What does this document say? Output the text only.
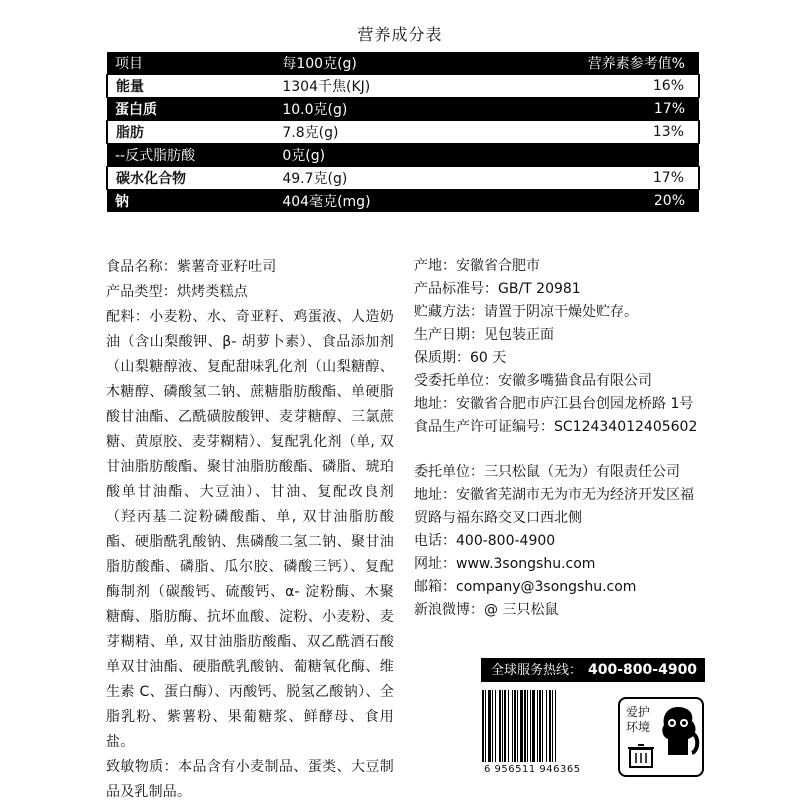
营养成分表
项目	每100克(g)	营养素参考值%
能量	1304千焦(KJ)	16%
蛋白质	10.0克(g)	17%
脂肪	7.8克(g)	13%
--反式脂肪酸	0克(g)	
碳水化合物	49.7克(g)	17%
钠	404毫克(mg)	20%

食品名称：紫薯奇亚籽吐司

产品类型：烘烤类糕点

配料：小麦粉、水、奇亚籽、鸡蛋液、人造奶油（含山梨酸钾、β- 胡萝卜素）、食品添加剂（山梨糖醇液、复配甜味乳化剂（山梨糖醇、木糖醇、磷酸氢二钠、蔗糖脂肪酸酯、单硬脂酸甘油酯、乙酰磺胺酸钾、麦芽糖醇、三氯蔗糖、黄原胶、麦芽糊精）、复配乳化剂（单, 双甘油脂肪酸酯、聚甘油脂肪酸酯、磷脂、琥珀酸单甘油酯、大豆油）、甘油、复配改良剂（羟丙基二淀粉磷酸酯、单, 双甘油脂肪酸酯、硬脂酰乳酸钠、焦磷酸二氢二钠、聚甘油脂肪酸酯、磷脂、瓜尔胶、磷酸三钙）、复配酶制剂（碳酸钙、硫酸钙、α- 淀粉酶、木聚糖酶、脂肪酶、抗坏血酸、淀粉、小麦粉、麦芽糊精、单, 双甘油脂肪酸酯、双乙酰酒石酸单双甘油酯、硬脂酰乳酸钠、葡糖氧化酶、维生素 C、蛋白酶）、丙酸钙、脱氢乙酸钠）、全脂乳粉、紫薯粉、果葡糖浆、鲜酵母、食用盐。

致敏物质：本品含有小麦制品、蛋类、大豆制品及乳制品。

产地：安徽省合肥市

产品标准号：GB/T 20981

贮藏方法：请置于阴凉干燥处贮存。

生产日期：见包装正面

保质期：60 天

受委托单位：安徽多嘴猫食品有限公司

地址：安徽省合肥市庐江县台创园龙桥路 1号

食品生产许可证编号：SC12434012405602

委托单位：三只松鼠（无为）有限责任公司

地址：安徽省芜湖市无为市无为经济开发区福贸路与福东路交叉口西北侧

电话：400-800-4900

网址：www.3songshu.com

邮箱：company@3songshu.com

新浪微博：@ 三只松鼠

全球服务热线： 400-800-4900
6 956511 946365
爱护
环境
